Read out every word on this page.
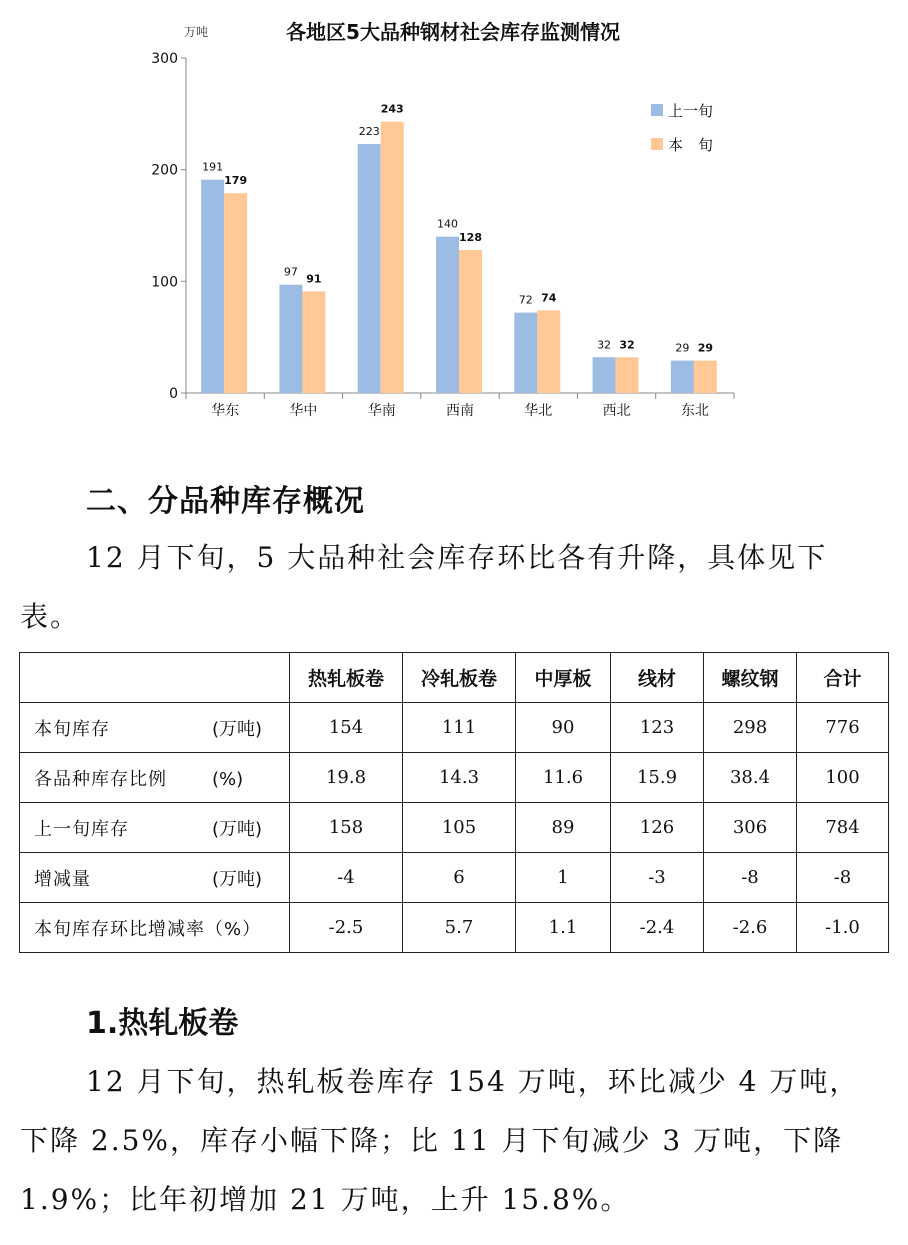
万吨	各地区5大品种钢材社会库存监测情况
0
100
200
300
华东	华中	华南	西南	华北	西北	东北
191
179
97
91
223
243
140
128
72 74
32 32	29 29
上一旬
本　旬
二、分品种库存概况

12 月下旬，5 大品种社会库存环比各有升降，具体见下表。

	热轧板卷	冷轧板卷	中厚板	线材	螺纹钢	合计
本旬库存 (万吨)	154	111	90	123	298	776
各品种库存比例 (%)	19.8	14.3	11.6	15.9	38.4	100
上一旬库存 (万吨)	158	105	89	126	306	784
增减量 (万吨)	-4	6	1	-3	-8	-8
本旬库存环比增减率（%）	-2.5	5.7	1.1	-2.4	-2.6	-1.0
1.热轧板卷

12 月下旬，热轧板卷库存 154 万吨，环比减少 4 万吨，下降 2.5%，库存小幅下降；比 11 月下旬减少 3 万吨，下降 1.9%；比年初增加 21 万吨，上升 15.8%。
